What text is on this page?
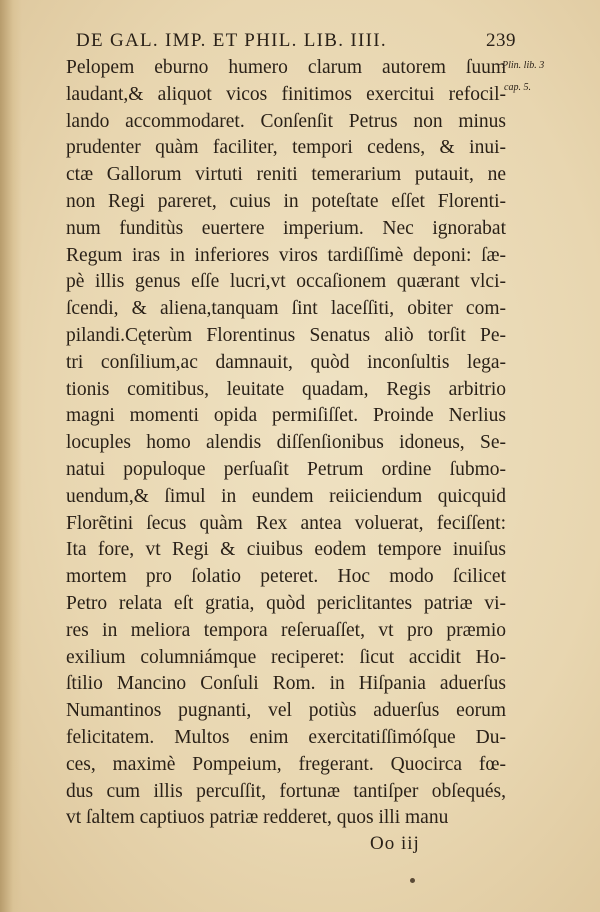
DE GAL. IMP. ET PHIL. LIB. IIII.	239
Plin. lib. 3
cap. 5.
Pelopem eburno humero clarum autorem ſuum
laudant,& aliquot vicos finitimos exercitui refocil-
lando accommodaret. Conſenſit Petrus non minus
prudenter quàm faciliter, tempori cedens, & inui-
ctæ Gallorum virtuti reniti temerarium putauit, ne
non Regi pareret, cuius in poteſtate eſſet Florenti-
num funditùs euertere imperium. Nec ignorabat
Regum iras in inferiores viros tardiſſimè deponi: ſæ-
pè illis genus eſſe lucri,vt occaſionem quærant vlci-
ſcendi, & aliena,tanquam ſint laceſſiti, obiter com-
pilandi.Cęterùm Florentinus Senatus aliò torſit Pe-
tri conſilium,ac damnauit, quòd inconſultis lega-
tionis comitibus, leuitate quadam, Regis arbitrio
magni momenti opida permiſiſſet. Proinde Nerlius
locuples homo alendis diſſenſionibus idoneus, Se-
natui populoque perſuaſit Petrum ordine ſubmo-
uendum,& ſimul in eundem reiiciendum quicquid
Florẽtini ſecus quàm Rex antea voluerat, feciſſent:
Ita fore, vt Regi & ciuibus eodem tempore inuiſus
mortem pro ſolatio peteret. Hoc modo ſcilicet
Petro relata eſt gratia, quòd periclitantes patriæ vi-
res in meliora tempora reſeruaſſet, vt pro præmio
exilium columniámque reciperet: ſicut accidit Ho-
ſtilio Mancino Conſuli Rom. in Hiſpania aduerſus
Numantinos pugnanti, vel potiùs aduerſus eorum
felicitatem. Multos enim exercitatiſſimóſque Du-
ces, maximè Pompeium, fregerant. Quocirca fœ-
dus cum illis percuſſit, fortunæ tantiſper obſequés,
vt ſaltem captiuos patriæ redderet, quos illi manu
Oo iij
